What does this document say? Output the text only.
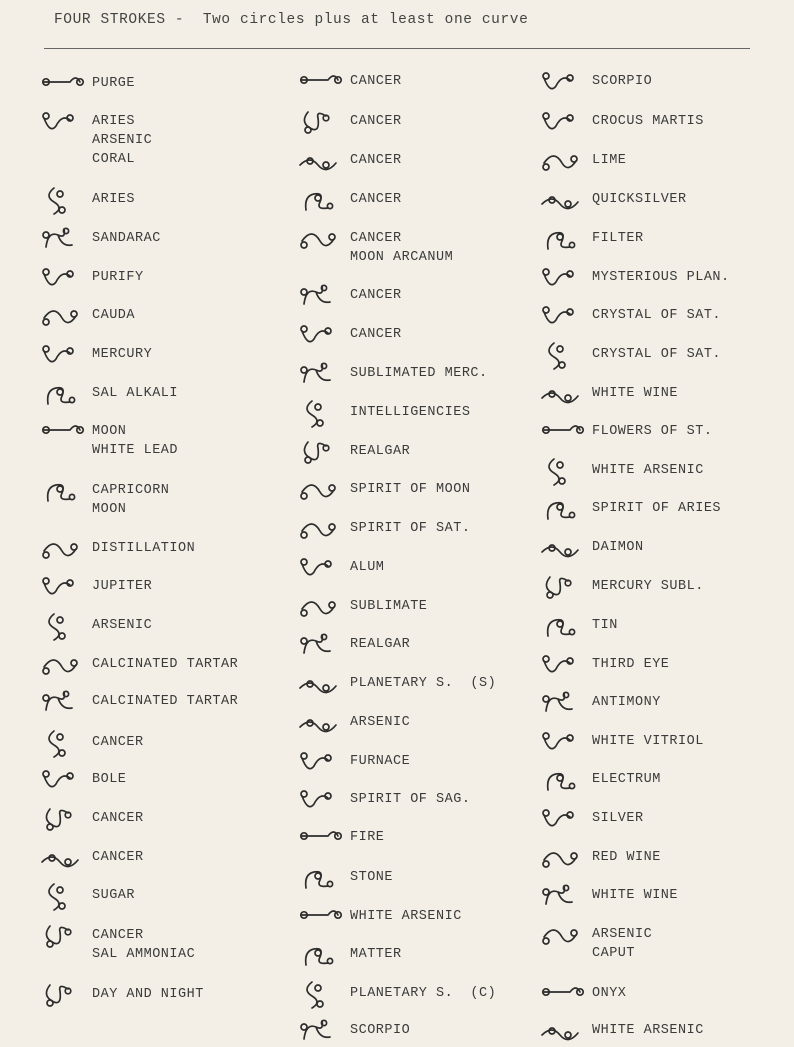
FOUR STROKES -  Two circles plus at least one curve
PURGE
ARIES
ARSENIC
CORAL
ARIES
SANDARAC
PURIFY
CAUDA
MERCURY
SAL ALKALI
MOON
WHITE LEAD
CAPRICORN
MOON
DISTILLATION
JUPITER
ARSENIC
CALCINATED TARTAR
CALCINATED TARTAR
CANCER
BOLE
CANCER
CANCER
SUGAR
CANCER
SAL AMMONIAC
DAY AND NIGHT
CANCER
CANCER
CANCER
CANCER
CANCER
MOON ARCANUM
CANCER
CANCER
SUBLIMATED MERC.
INTELLIGENCIES
REALGAR
SPIRIT OF MOON
SPIRIT OF SAT.
ALUM
SUBLIMATE
REALGAR
PLANETARY S.  (S)
ARSENIC
FURNACE
SPIRIT OF SAG.
FIRE
STONE
WHITE ARSENIC
MATTER
PLANETARY S.  (C)
SCORPIO
SCORPIO
CROCUS MARTIS
LIME
QUICKSILVER
FILTER
MYSTERIOUS PLAN.
CRYSTAL OF SAT.
CRYSTAL OF SAT.
WHITE WINE
FLOWERS OF ST.
WHITE ARSENIC
SPIRIT OF ARIES
DAIMON
MERCURY SUBL.
TIN
THIRD EYE
ANTIMONY
WHITE VITRIOL
ELECTRUM
SILVER
RED WINE
WHITE WINE
ARSENIC
CAPUT
ONYX
WHITE ARSENIC
